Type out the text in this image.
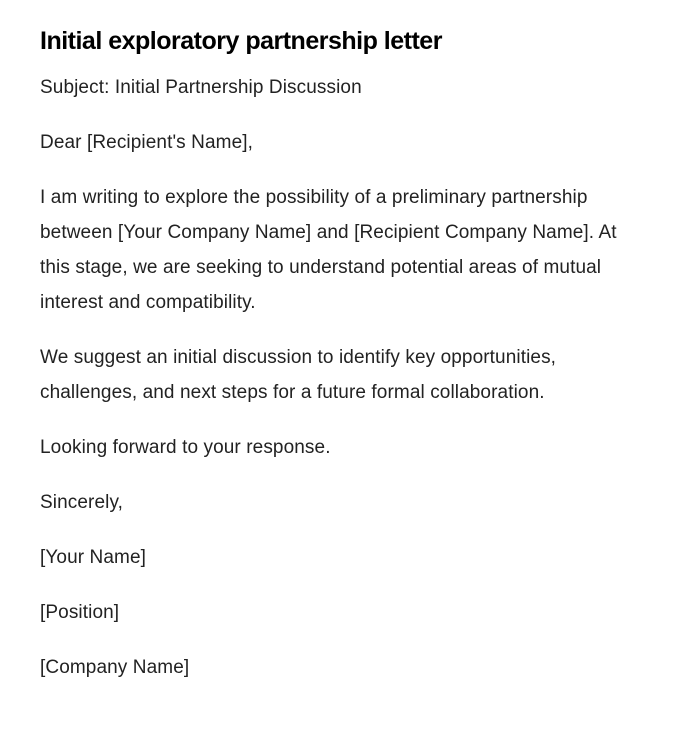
Initial exploratory partnership letter

Subject: Initial Partnership Discussion

Dear [Recipient's Name],

I am writing to explore the possibility of a preliminary partnership between [Your Company Name] and [Recipient Company Name]. At this stage, we are seeking to understand potential areas of mutual interest and compatibility.

We suggest an initial discussion to identify key opportunities, challenges, and next steps for a future formal collaboration.

Looking forward to your response.

Sincerely,

[Your Name]

[Position]

[Company Name]
